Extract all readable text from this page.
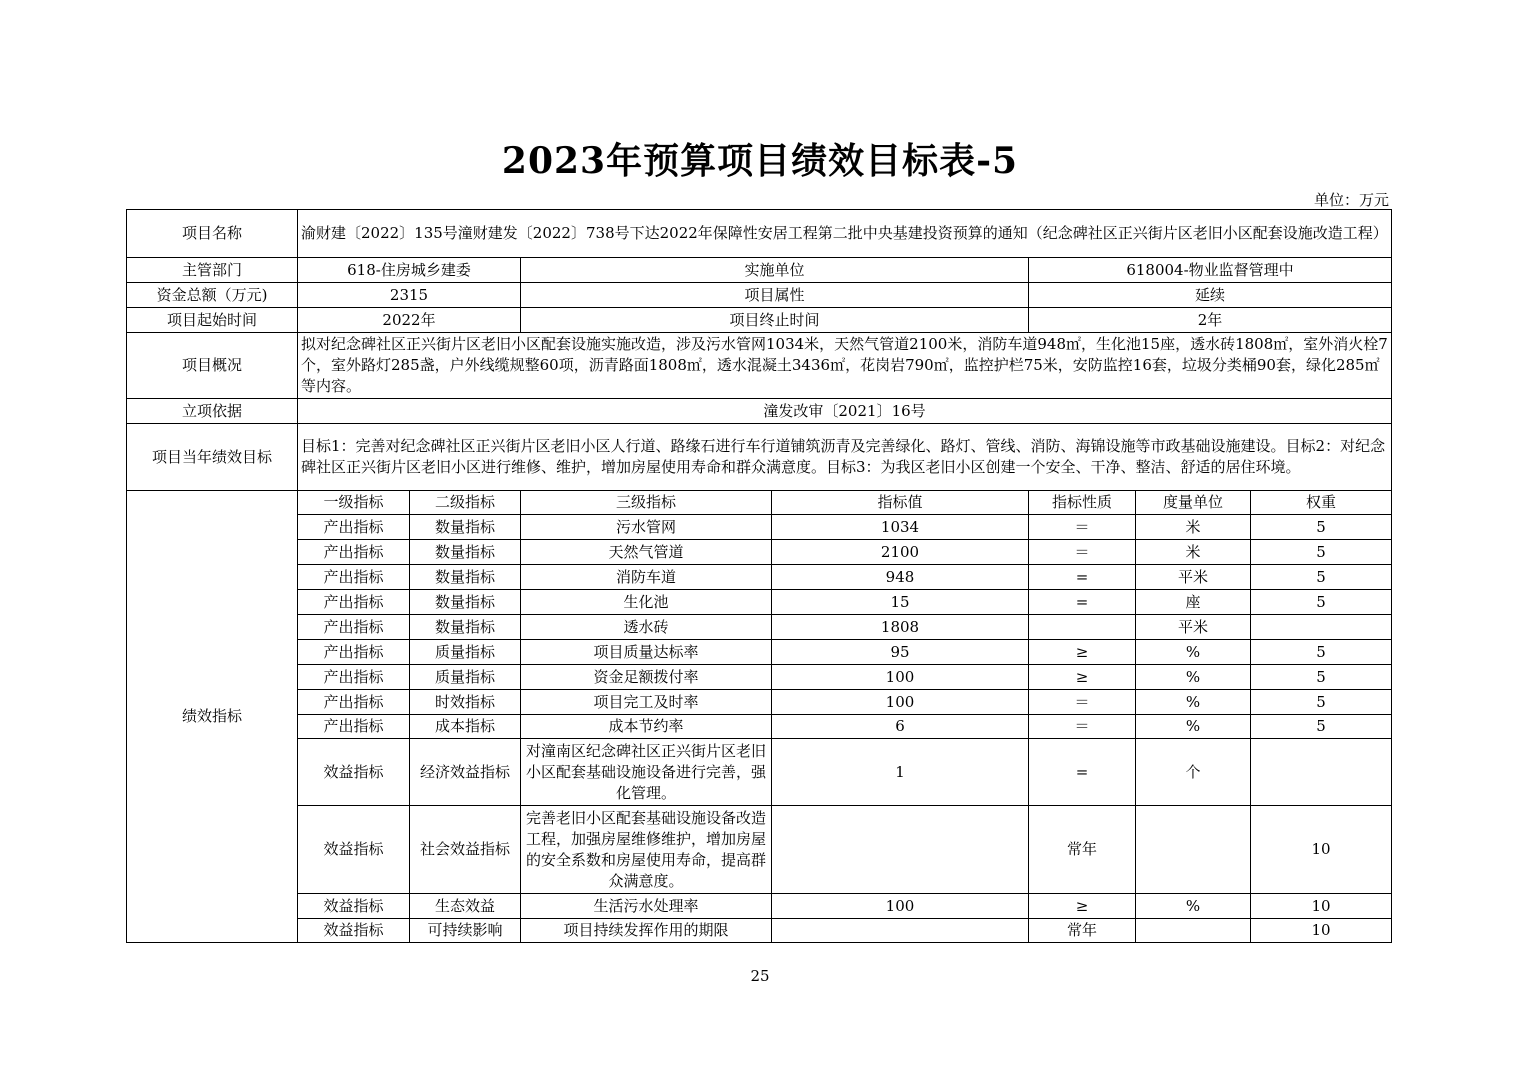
2023年预算项目绩效目标表-5
单位：万元
项目名称	渝财建〔2022〕135号潼财建发〔2022〕738号下达2022年保障性安居工程第二批中央基建投资预算的通知（纪念碑社区正兴街片区老旧小区配套设施改造工程）						
主管部门	618-住房城乡建委		实施单位		618004-物业监督管理中		
资金总额（万元)	2315		项目属性		延续		
项目起始时间	2022年		项目终止时间		2年		
项目概况	拟对纪念碑社区正兴街片区老旧小区配套设施实施改造，涉及污水管网1034米，天然气管道2100米，消防车道948㎡，生化池15座，透水砖1808㎡，室外消火栓7个，室外路灯285盏，户外线缆规整60项，沥青路面1808㎡，透水混凝土3436㎡，花岗岩790㎡，监控护栏75米，安防监控16套，垃圾分类桶90套，绿化285㎡等内容。						
立项依据	潼发改审〔2021〕16号						
项目当年绩效目标	目标1：完善对纪念碑社区正兴街片区老旧小区人行道、路缘石进行车行道铺筑沥青及完善绿化、路灯、管线、消防、海锦设施等市政基础设施建设。目标2：对纪念碑社区正兴街片区老旧小区进行维修、维护，增加房屋使用寿命和群众满意度。目标3：为我区老旧小区创建一个安全、干净、整洁、舒适的居住环境。						
绩效指标	一级指标	二级指标	三级指标	指标值	指标性质	度量单位	权重
	产出指标	数量指标	污水管网	1034	＝	米	5
	产出指标	数量指标	天然气管道	2100	＝	米	5
	产出指标	数量指标	消防车道	948	=	平米	5
	产出指标	数量指标	生化池	15	=	座	5
	产出指标	数量指标	透水砖	1808		平米	
	产出指标	质量指标	项目质量达标率	95	≥	%	5
	产出指标	质量指标	资金足额拨付率	100	≥	%	5
	产出指标	时效指标	项目完工及时率	100	＝	%	5
	产出指标	成本指标	成本节约率	6	＝	%	5
	效益指标	经济效益指标	对潼南区纪念碑社区正兴街片区老旧小区配套基础设施设备进行完善，强化管理。	1	=	个	
	效益指标	社会效益指标	完善老旧小区配套基础设施设备改造工程，加强房屋维修维护，增加房屋的安全系数和房屋使用寿命，提高群众满意度。		常年		10
	效益指标	生态效益	生活污水处理率	100	≥	%	10
	效益指标	可持续影响	项目持续发挥作用的期限		常年		10
25
